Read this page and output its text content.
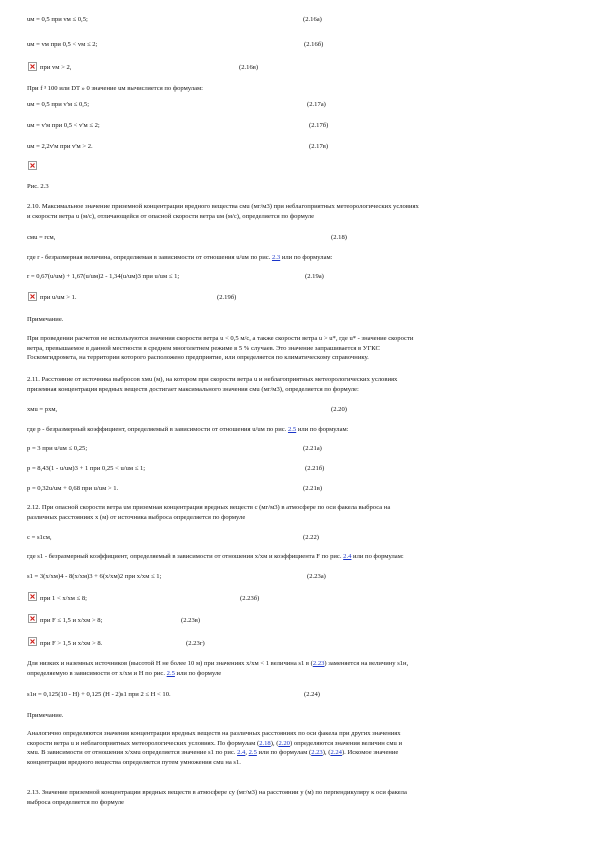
uм = 0,5 при vм ≤ 0,5;	(2.16а)
uм = vм при 0,5 < vм ≤ 2;	(2.16б)
при vм > 2,	(2.16в)
При f ³ 100 или DT » 0 значение uм вычисляется по формулам:
uм = 0,5 при v'м ≤ 0,5;	(2.17а)
uм = v'м при 0,5 < v'м ≤ 2;	(2.17б)
uм = 2,2v'м при v'м > 2.	(2.17в)
Рис. 2.3
2.10. Максимальное значение приземной концентрации вредного вещества cмu (мг/м3) при неблагоприятных метеорологических условиях
и скорости ветра u (м/с), отличающейся от опасной скорости ветра uм (м/с), определяется по формуле
cмu = rcм,	(2.18)
где r - безразмерная величина, определяемая в зависимости от отношения u/uм по рис. 2.3 или по формулам:
r = 0,67(u/uм) + 1,67(u/uм)2 - 1,34(u/uм)3 при u/uм ≤ 1;	(2.19а)
при u/uм > 1.	(2.19б)
Примечание.
При проведении расчетов не используются значения скорости ветра u < 0,5 м/с, а также скорости ветра u > u*, где u* - значение скорости
ветра, превышаемое в данной местности в среднем многолетнем режиме в 5 % случаев. Это значение запрашивается в УГКС
Госкомгидромета, на территории которого расположено предприятие, или определяется по климатическому справочнику.
2.11. Расстояние от источника выбросов xмu (м), на котором при скорости ветра u и неблагоприятных метеорологических условиях
приземная концентрация вредных веществ достигает максимального значения cмu (мг/м3), определяется по формуле:
xмu = pxм,	(2.20)
где p - безразмерный коэффициент, определяемый в зависимости от отношения u/uм по рис. 2.5 или по формулам:
p = 3 при u/uм ≤ 0,25;	(2.21а)
p = 8,43(1 - u/uм)3 + 1 при 0,25 < u/uм ≤ 1;	(2.21б)
p = 0,32u/uм + 0,68 при u/uм > 1.	(2.21в)
2.12. При опасной скорости ветра uм приземная концентрация вредных веществ c (мг/м3) в атмосфере по оси факела выброса на
различных расстояниях x (м) от источника выброса определяется по формуле
c = s1cм,	(2.22)
где s1 - безразмерный коэффициент, определяемый в зависимости от отношения x/xм и коэффициента F по рис. 2.4 или по формулам:
s1 = 3(x/xм)4 - 8(x/xм)3 + 6(x/xм)2 при x/xм ≤ 1;	(2.23а)
при 1 < x/xм ≤ 8;	(2.23б)
при F ≤ 1,5 и x/xм > 8;	(2.23в)
при F > 1,5 и x/xм > 8.	(2.23г)
Для низких и наземных источников (высотой H не более 10 м) при значениях x/xм < 1 величина s1 в (2.23) заменяется на величину s1н,
определяемую в зависимости от x/xм и H по рис. 2.5 или по формуле
s1н = 0,125(10 - H) + 0,125 (H - 2)s1 при 2 ≤ H < 10.	(2.24)
Примечание.
Аналогично определяются значения концентрации вредных веществ на различных расстояниях по оси факела при других значениях
скорости ветра u и неблагоприятных метеорологических условиях. По формулам (2.18), (2.20) определяются значения величин cмu и
xмu. В зависимости от отношения x/xмu определяется значение s1 по рис. 2.4, 2.5 или по формулам (2.23), (2.24). Искомое значение
концентрации вредного вещества определяется путем умножения cмu на s1.
2.13. Значение приземной концентрации вредных веществ в атмосфере cy (мг/м3) на расстоянии y (м) по перпендикуляру к оси факела
выброса определяется по формуле
